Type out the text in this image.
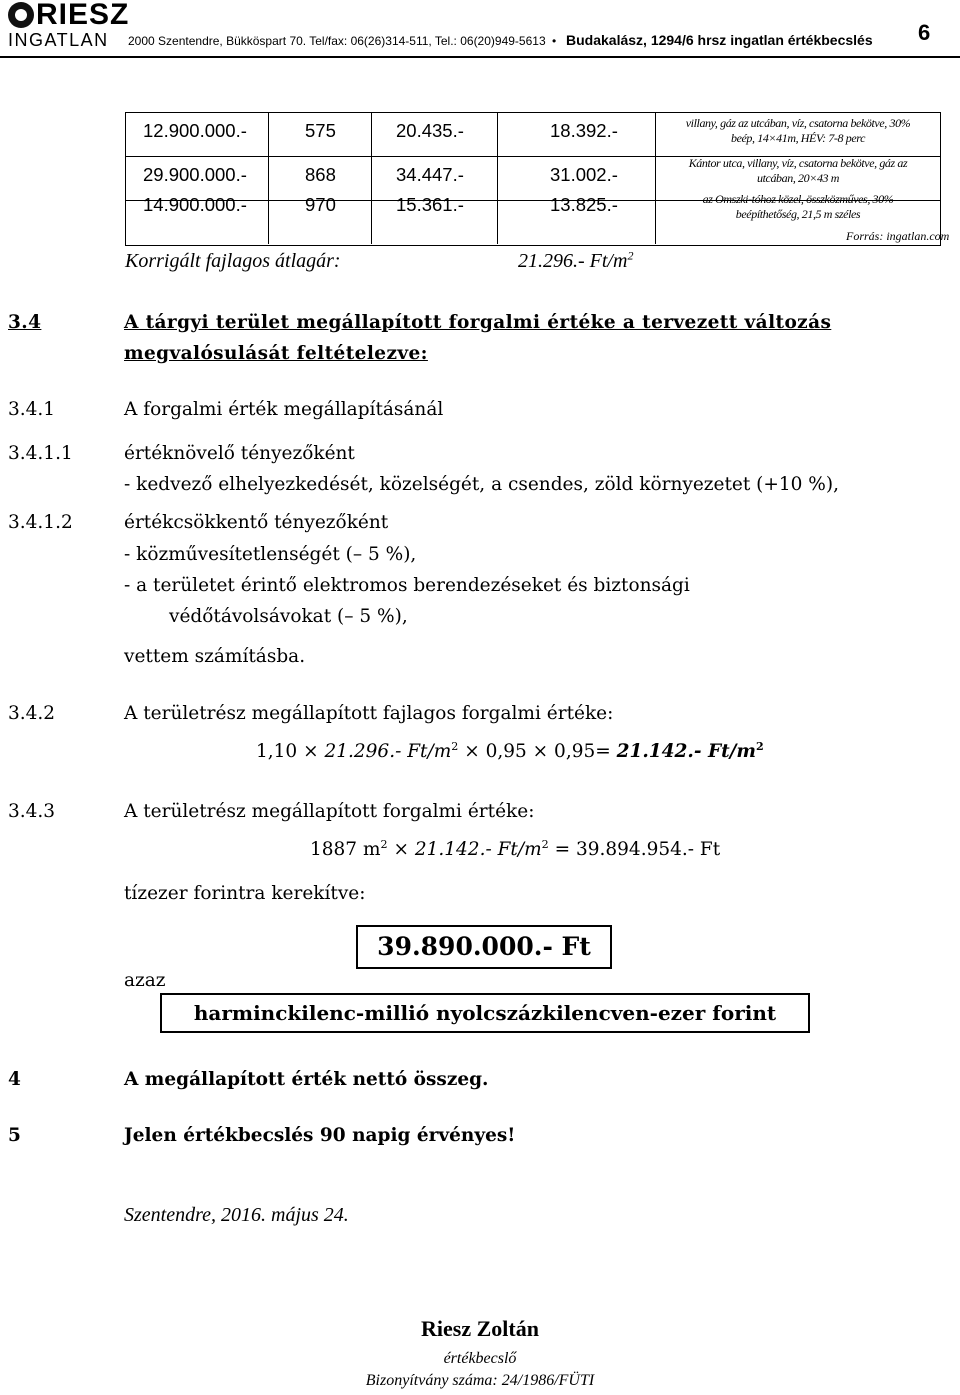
RIESZ
INGATLAN 2000 Szentendre, Bükköspart 70. Tel/fax: 06(26)314-511, Tel.: 06(20)949-5613 • Budakalász, 1294/6 hrsz ingatlan értékbecslés 6
12.900.000.-	575	20.435.-	18.392.-	villany, gáz az utcában, víz, csatorna bekötve, 30%
beép, 14×41m, HÉV: 7-8 perc
29.900.000.-	868	34.447.-	31.002.-
Kántor utca, villany, víz, csatorna bekötve, gáz az
utcában, 20×43 m
14.900.000.-	970	15.361.-	13.825.-	az Omszki-tóhoz közel, összközműves, 30%
beépíthetőség, 21,5 m széles
Forrás: ingatlan.com
Korrigált fajlagos átlagár:	21.296.- $Ft/m^2$
3.4	A tárgyi terület megállapított forgalmi értéke a tervezett változás
megvalósulását feltételezve:
3.4.1	A forgalmi érték megállapításánál
3.4.1.1	értéknövelő tényezőként
- kedvező elhelyezkedését, közelségét, a csendes, zöld környezetet (+10 %),
3.4.1.2	értékcsökkentő tényezőként
- közművesítetlenségét (– 5 %),
- a területet érintő elektromos berendezéseket és biztonsági
védőtávolsávokat (– 5 %),
vettem számításba.
3.4.2	A területrész megállapított fajlagos forgalmi értéke:
1,10 × 21.296.- $Ft/m^2 \times 0,95 \times 0,95= 21.142.-$ $Ft/m^2$
3.4.3	A területrész megállapított forgalmi értéke:
1887 $m^2 \times 21.142.-$ $Ft/m^2 = 39.894.954.-$ Ft
tízezer forintra kerekítve:
39.890.000.- Ft
azaz
harminckilenc-millió nyolcszázkilencven-ezer forint
4	A megállapított érték nettó összeg.
5	Jelen értékbecslés 90 napig érvényes!
Szentendre, 2016. május 24.
Riesz Zoltán
értékbecslő
Bizonyítvány száma: 24/1986/FÜTI
